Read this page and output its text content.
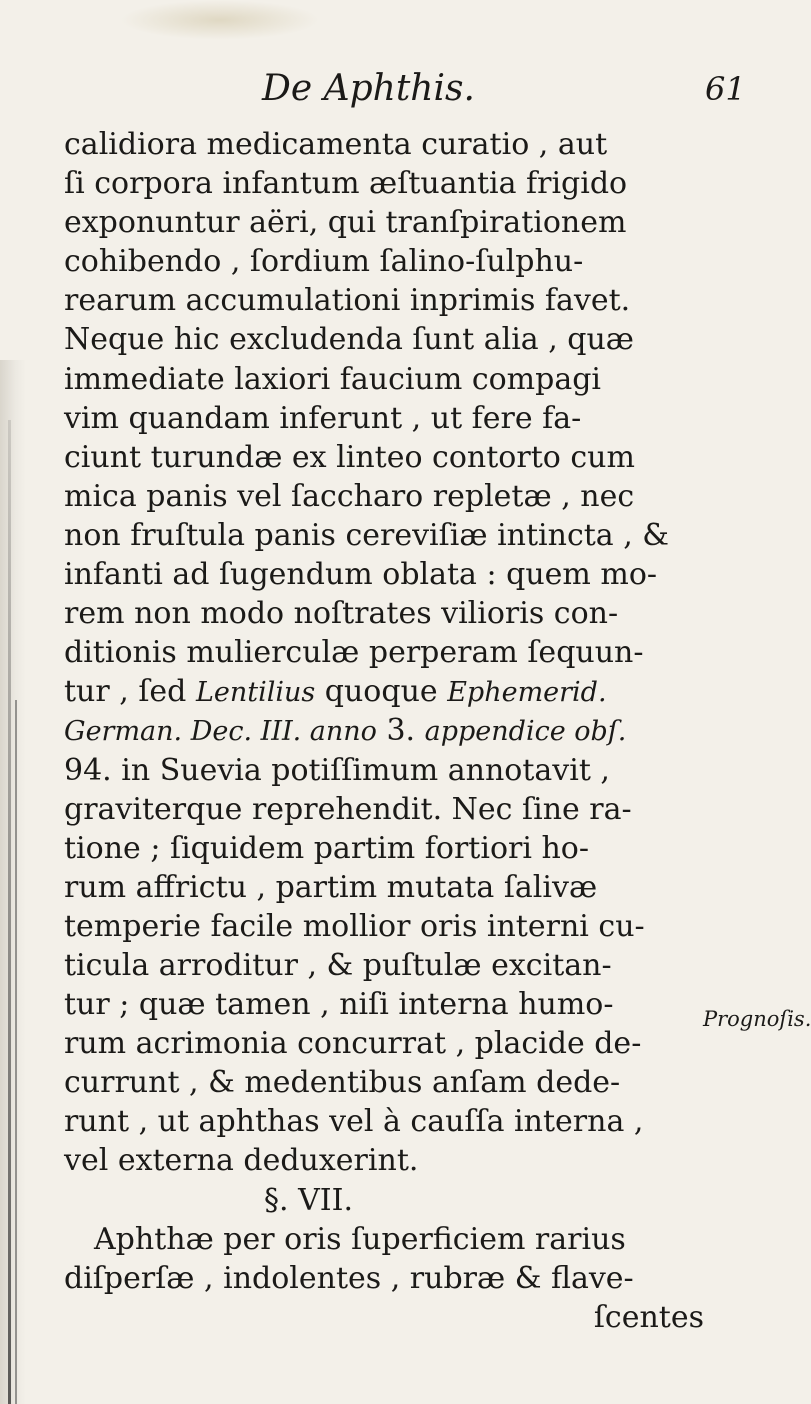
De Aphthis.	61
calidiora medicamenta curatio , aut
ſi corpora infantum æſtuantia frigido
exponuntur aëri, qui tranſpirationem
cohibendo , ſordium ſalino-ſulphu-
rearum accumulationi inprimis favet.
Neque hic excludenda ſunt alia , quæ
immediate laxiori faucium compagi
vim quandam inferunt , ut fere fa-
ciunt turundæ ex linteo contorto cum
mica panis vel ſaccharo repletæ , nec
non fruſtula panis cereviſiæ intincta , &
infanti ad ſugendum oblata : quem mo-
rem non modo noſtrates vilioris con-
ditionis mulierculæ perperam ſequun-
tur , ſed Lentilius quoque Ephemerid.
German. Dec. III. anno 3. appendice obſ.
94. in Suevia potiſſimum annotavit ,
graviterque reprehendit. Nec ſine ra-
tione ; ſiquidem partim fortiori ho-
rum affrictu , partim mutata ſalivæ
temperie facile mollior oris interni cu-
ticula arroditur , & puſtulæ excitan-
tur ; quæ tamen , niſi interna humo-
rum acrimonia concurrat , placide de-
currunt , & medentibus anſam dede-
runt , ut aphthas vel à cauſſa interna ,
vel externa deduxerint.
§. VII.
Aphthæ per oris ſuperficiem rarius
diſperſæ , indolentes , rubræ & flave-
ſcentes
Prognoſis.
